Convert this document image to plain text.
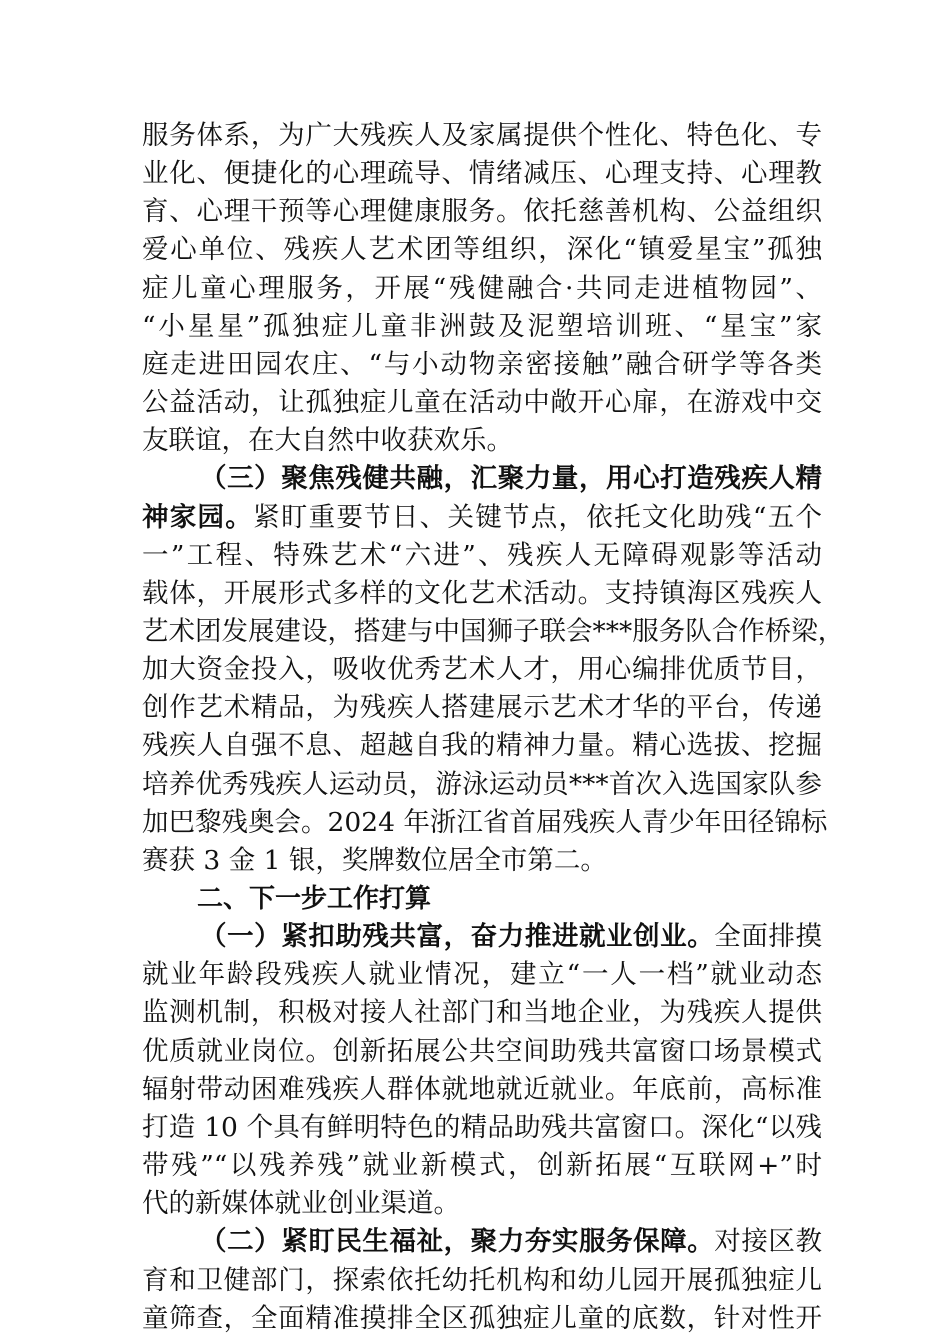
服务体系，为广大残疾人及家属提供个性化、特色化、专
业化、便捷化的心理疏导、情绪减压、心理支持、心理教
育、心理干预等心理健康服务。依托慈善机构、公益组织
爱心单位、残疾人艺术团等组织，深化“镇爱星宝”孤独
症儿童心理服务，开展“残健融合·共同走进植物园”、
“小星星”孤独症儿童非洲鼓及泥塑培训班、“星宝”家
庭走进田园农庄、“与小动物亲密接触”融合研学等各类
公益活动，让孤独症儿童在活动中敞开心扉，在游戏中交
友联谊，在大自然中收获欢乐。
（三）聚焦残健共融，汇聚力量，用心打造残疾人精
神家园。紧盯重要节日、关键节点，依托文化助残“五个
一”工程、特殊艺术“六进”、残疾人无障碍观影等活动
载体，开展形式多样的文化艺术活动。支持镇海区残疾人
艺术团发展建设，搭建与中国狮子联会***服务队合作桥梁，
加大资金投入，吸收优秀艺术人才，用心编排优质节目，
创作艺术精品，为残疾人搭建展示艺术才华的平台，传递
残疾人自强不息、超越自我的精神力量。精心选拔、挖掘
培养优秀残疾人运动员，游泳运动员***首次入选国家队参
加巴黎残奥会。2024 年浙江省首届残疾人青少年田径锦标
赛获 3 金 1 银，奖牌数位居全市第二。
二、下一步工作打算
（一）紧扣助残共富，奋力推进就业创业。全面排摸
就业年龄段残疾人就业情况，建立“一人一档”就业动态
监测机制，积极对接人社部门和当地企业，为残疾人提供
优质就业岗位。创新拓展公共空间助残共富窗口场景模式
辐射带动困难残疾人群体就地就近就业。年底前，高标准
打造 10 个具有鲜明特色的精品助残共富窗口。深化“以残
带残”“以残养残”就业新模式，创新拓展“互联网+”时
代的新媒体就业创业渠道。
（二）紧盯民生福祉，聚力夯实服务保障。对接区教
育和卫健部门，探索依托幼托机构和幼儿园开展孤独症儿
童筛查，全面精准摸排全区孤独症儿童的底数，针对性开
